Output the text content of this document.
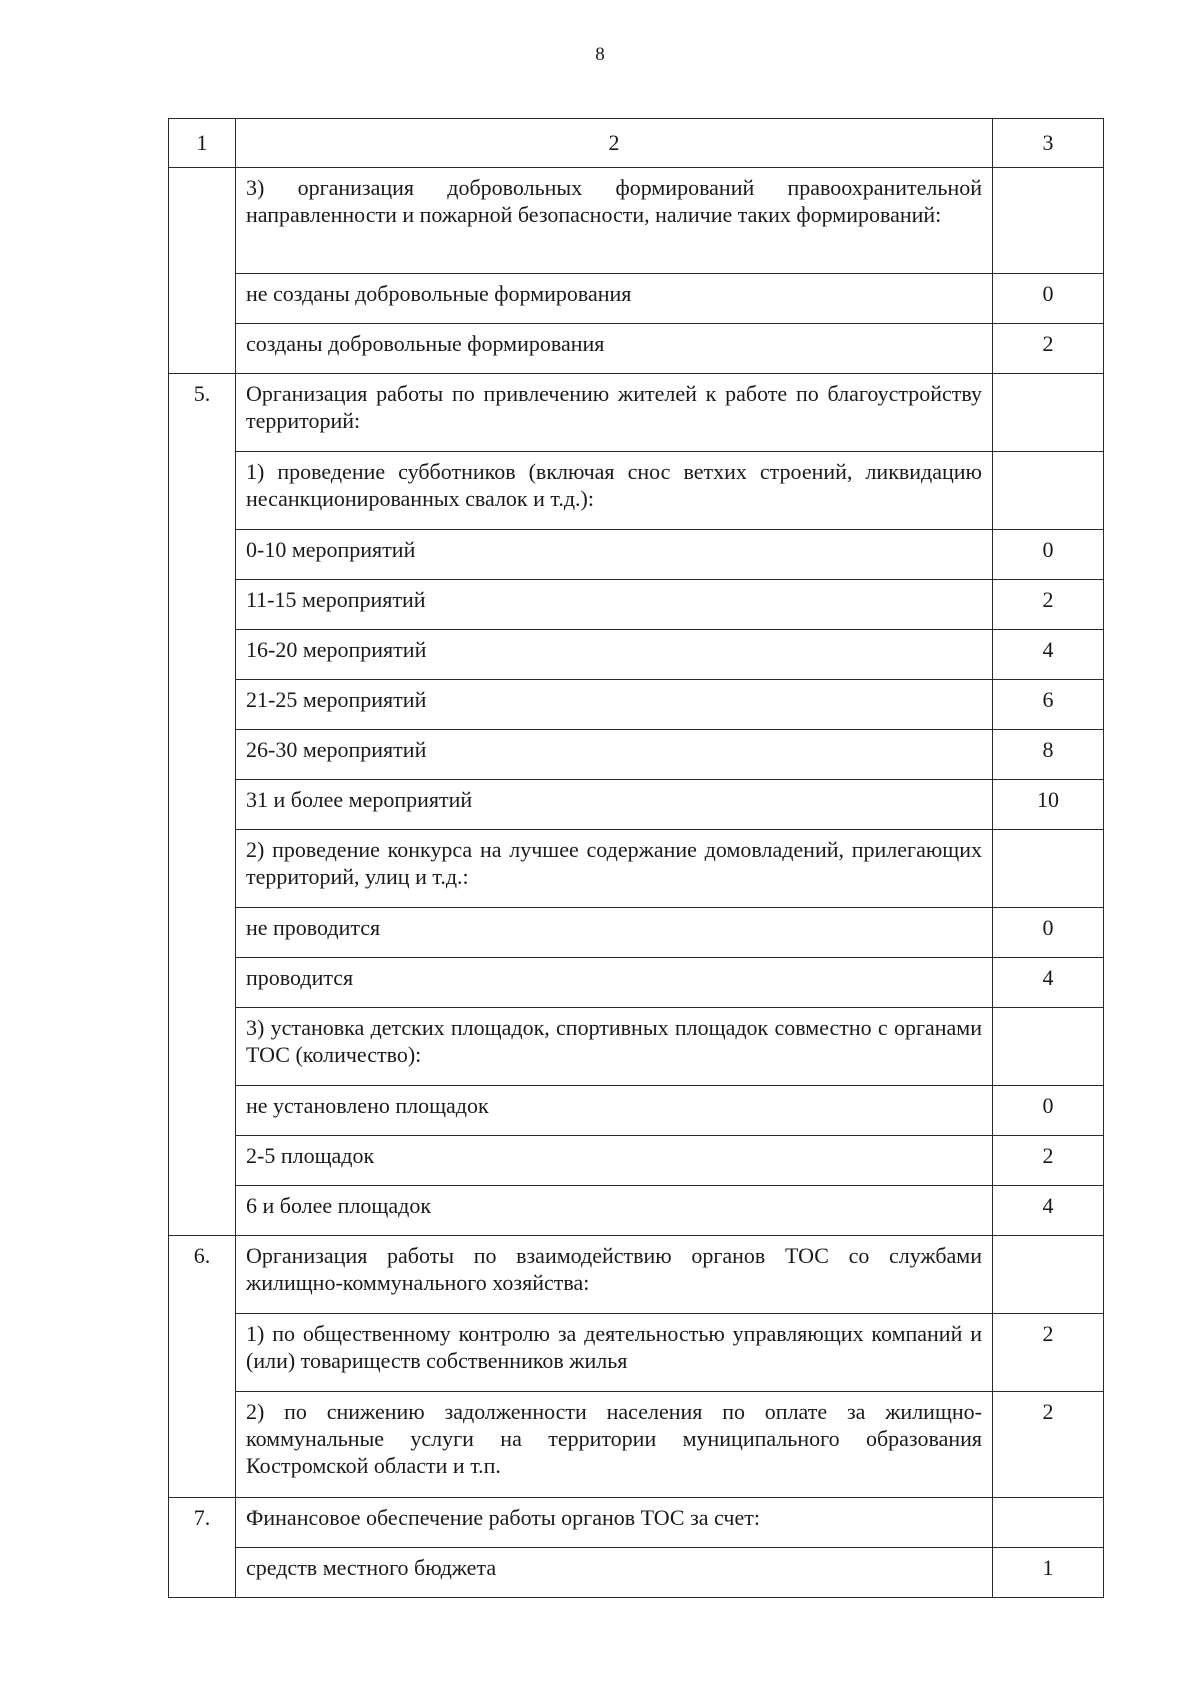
8
1	2	3
	3) организация добровольных формирований правоохранительной направленности и пожарной безопасности, наличие таких формирований:	
	не созданы добровольные формирования	0
	созданы добровольные формирования	2
5.	Организация работы по привлечению жителей к работе по благоустройству территорий:	
	1) проведение субботников (включая снос ветхих строений, ликвидацию несанкционированных свалок и т.д.):	
	0-10 мероприятий	0
	11-15 мероприятий	2
	16-20 мероприятий	4
	21-25 мероприятий	6
	26-30 мероприятий	8
	31 и более мероприятий	10
	2) проведение конкурса на лучшее содержание домовладений, прилегающих территорий, улиц и т.д.:	
	не проводится	0
	проводится	4
	3) установка детских площадок, спортивных площадок совместно с органами ТОС (количество):	
	не установлено площадок	0
	2-5 площадок	2
	6 и более площадок	4
6.	Организация работы по взаимодействию органов ТОС со службами жилищно-коммунального хозяйства:	
	1) по общественному контролю за деятельностью управляющих компаний и (или) товариществ собственников жилья	2
	2) по снижению задолженности населения по оплате за жилищно-коммунальные услуги на территории муниципального образования Костромской области и т.п.	2
7.	Финансовое обеспечение работы органов ТОС за счет:	
	средств местного бюджета	1
